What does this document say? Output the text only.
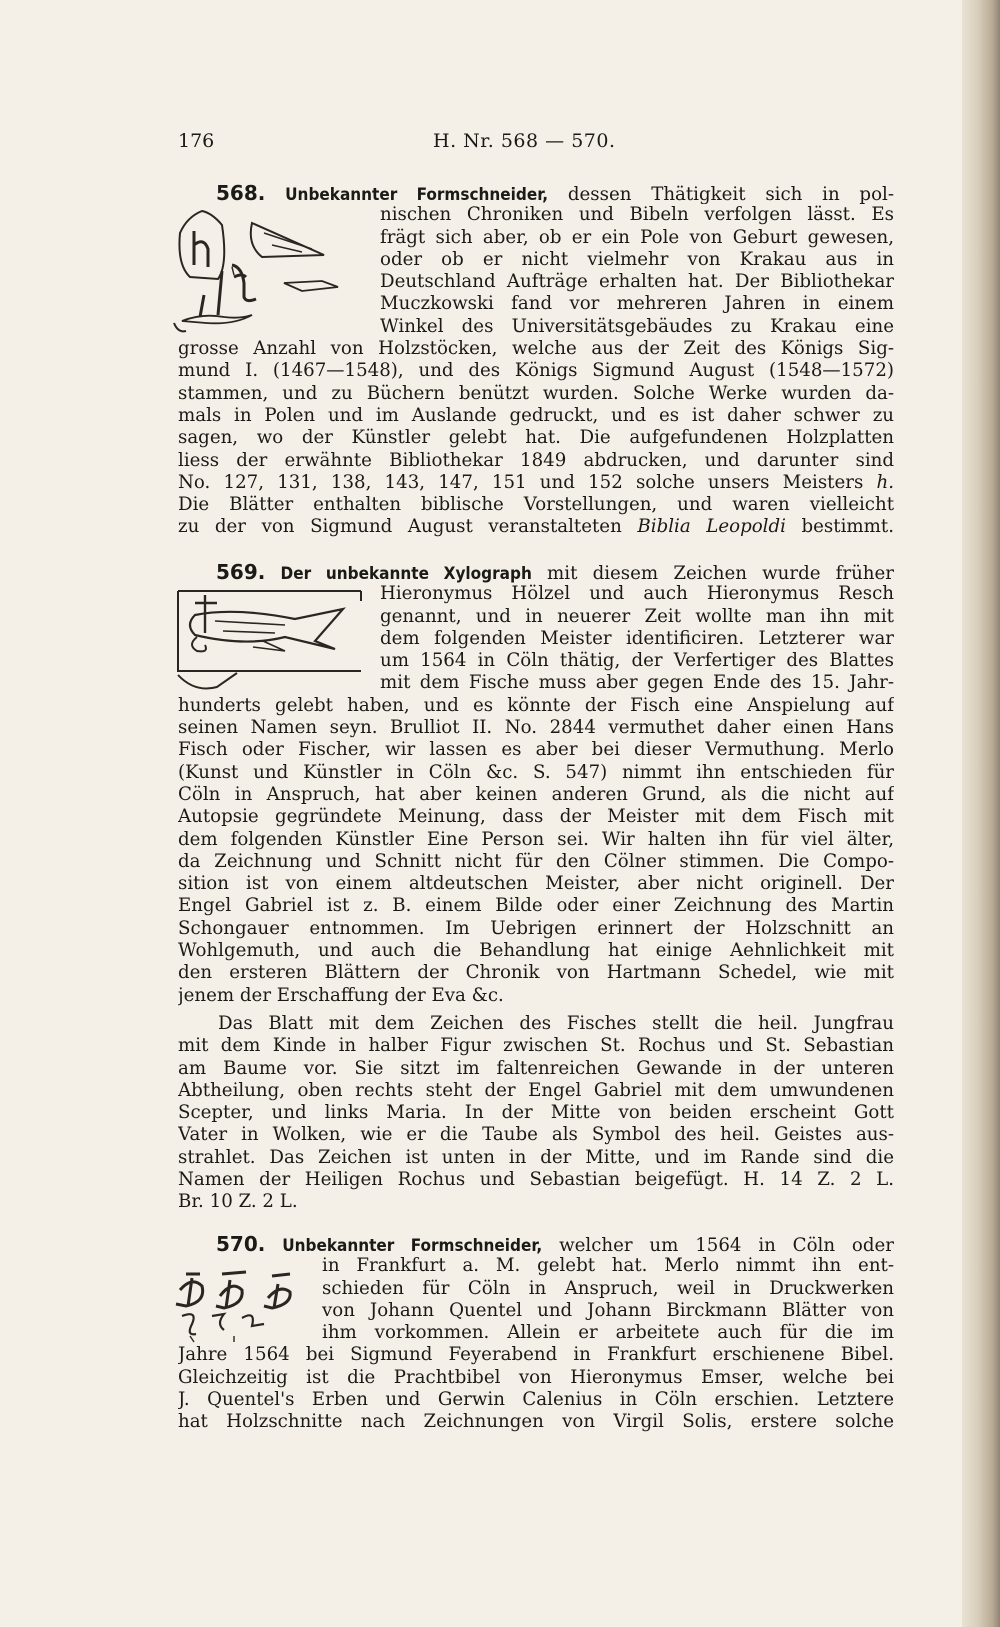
176	H. Nr. 568 — 570.
568. Unbekannter Formschneider, dessen Thätigkeit sich in pol-
nischen Chroniken und Bibeln verfolgen lässt. Es
frägt sich aber, ob er ein Pole von Geburt gewesen,
oder ob er nicht vielmehr von Krakau aus in
Deutschland Aufträge erhalten hat. Der Bibliothekar
Muczkowski fand vor mehreren Jahren in einem
Winkel des Universitätsgebäudes zu Krakau eine
grosse Anzahl von Holzstöcken, welche aus der Zeit des Königs Sig-
mund I. (1467—1548), und des Königs Sigmund August (1548—1572)
stammen, und zu Büchern benützt wurden. Solche Werke wurden da-
mals in Polen und im Auslande gedruckt, und es ist daher schwer zu
sagen, wo der Künstler gelebt hat. Die aufgefundenen Holzplatten
liess der erwähnte Bibliothekar 1849 abdrucken, und darunter sind
No. 127, 131, 138, 143, 147, 151 und 152 solche unsers Meisters h.
Die Blätter enthalten biblische Vorstellungen, und waren vielleicht
zu der von Sigmund August veranstalteten Biblia Leopoldi bestimmt.
569. Der unbekannte Xylograph mit diesem Zeichen wurde früher
Hieronymus Hölzel und auch Hieronymus Resch
genannt, und in neuerer Zeit wollte man ihn mit
dem folgenden Meister identificiren. Letzterer war
um 1564 in Cöln thätig, der Verfertiger des Blattes
mit dem Fische muss aber gegen Ende des 15. Jahr-
hunderts gelebt haben, und es könnte der Fisch eine Anspielung auf
seinen Namen seyn. Brulliot II. No. 2844 vermuthet daher einen Hans
Fisch oder Fischer, wir lassen es aber bei dieser Vermuthung. Merlo
(Kunst und Künstler in Cöln &c. S. 547) nimmt ihn entschieden für
Cöln in Anspruch, hat aber keinen anderen Grund, als die nicht auf
Autopsie gegründete Meinung, dass der Meister mit dem Fisch mit
dem folgenden Künstler Eine Person sei. Wir halten ihn für viel älter,
da Zeichnung und Schnitt nicht für den Cölner stimmen. Die Compo-
sition ist von einem altdeutschen Meister, aber nicht originell. Der
Engel Gabriel ist z. B. einem Bilde oder einer Zeichnung des Martin
Schongauer entnommen. Im Uebrigen erinnert der Holzschnitt an
Wohlgemuth, und auch die Behandlung hat einige Aehnlichkeit mit
den ersteren Blättern der Chronik von Hartmann Schedel, wie mit
jenem der Erschaffung der Eva &c.
Das Blatt mit dem Zeichen des Fisches stellt die heil. Jungfrau
mit dem Kinde in halber Figur zwischen St. Rochus und St. Sebastian
am Baume vor. Sie sitzt im faltenreichen Gewande in der unteren
Abtheilung, oben rechts steht der Engel Gabriel mit dem umwundenen
Scepter, und links Maria. In der Mitte von beiden erscheint Gott
Vater in Wolken, wie er die Taube als Symbol des heil. Geistes aus-
strahlet. Das Zeichen ist unten in der Mitte, und im Rande sind die
Namen der Heiligen Rochus und Sebastian beigefügt. H. 14 Z. 2 L.
Br. 10 Z. 2 L.
570. Unbekannter Formschneider, welcher um 1564 in Cöln oder
in Frankfurt a. M. gelebt hat. Merlo nimmt ihn ent-
schieden für Cöln in Anspruch, weil in Druckwerken
von Johann Quentel und Johann Birckmann Blätter von
ihm vorkommen. Allein er arbeitete auch für die im
Jahre 1564 bei Sigmund Feyerabend in Frankfurt erschienene Bibel.
Gleichzeitig ist die Prachtbibel von Hieronymus Emser, welche bei
J. Quentel's Erben und Gerwin Calenius in Cöln erschien. Letztere
hat Holzschnitte nach Zeichnungen von Virgil Solis, erstere solche
